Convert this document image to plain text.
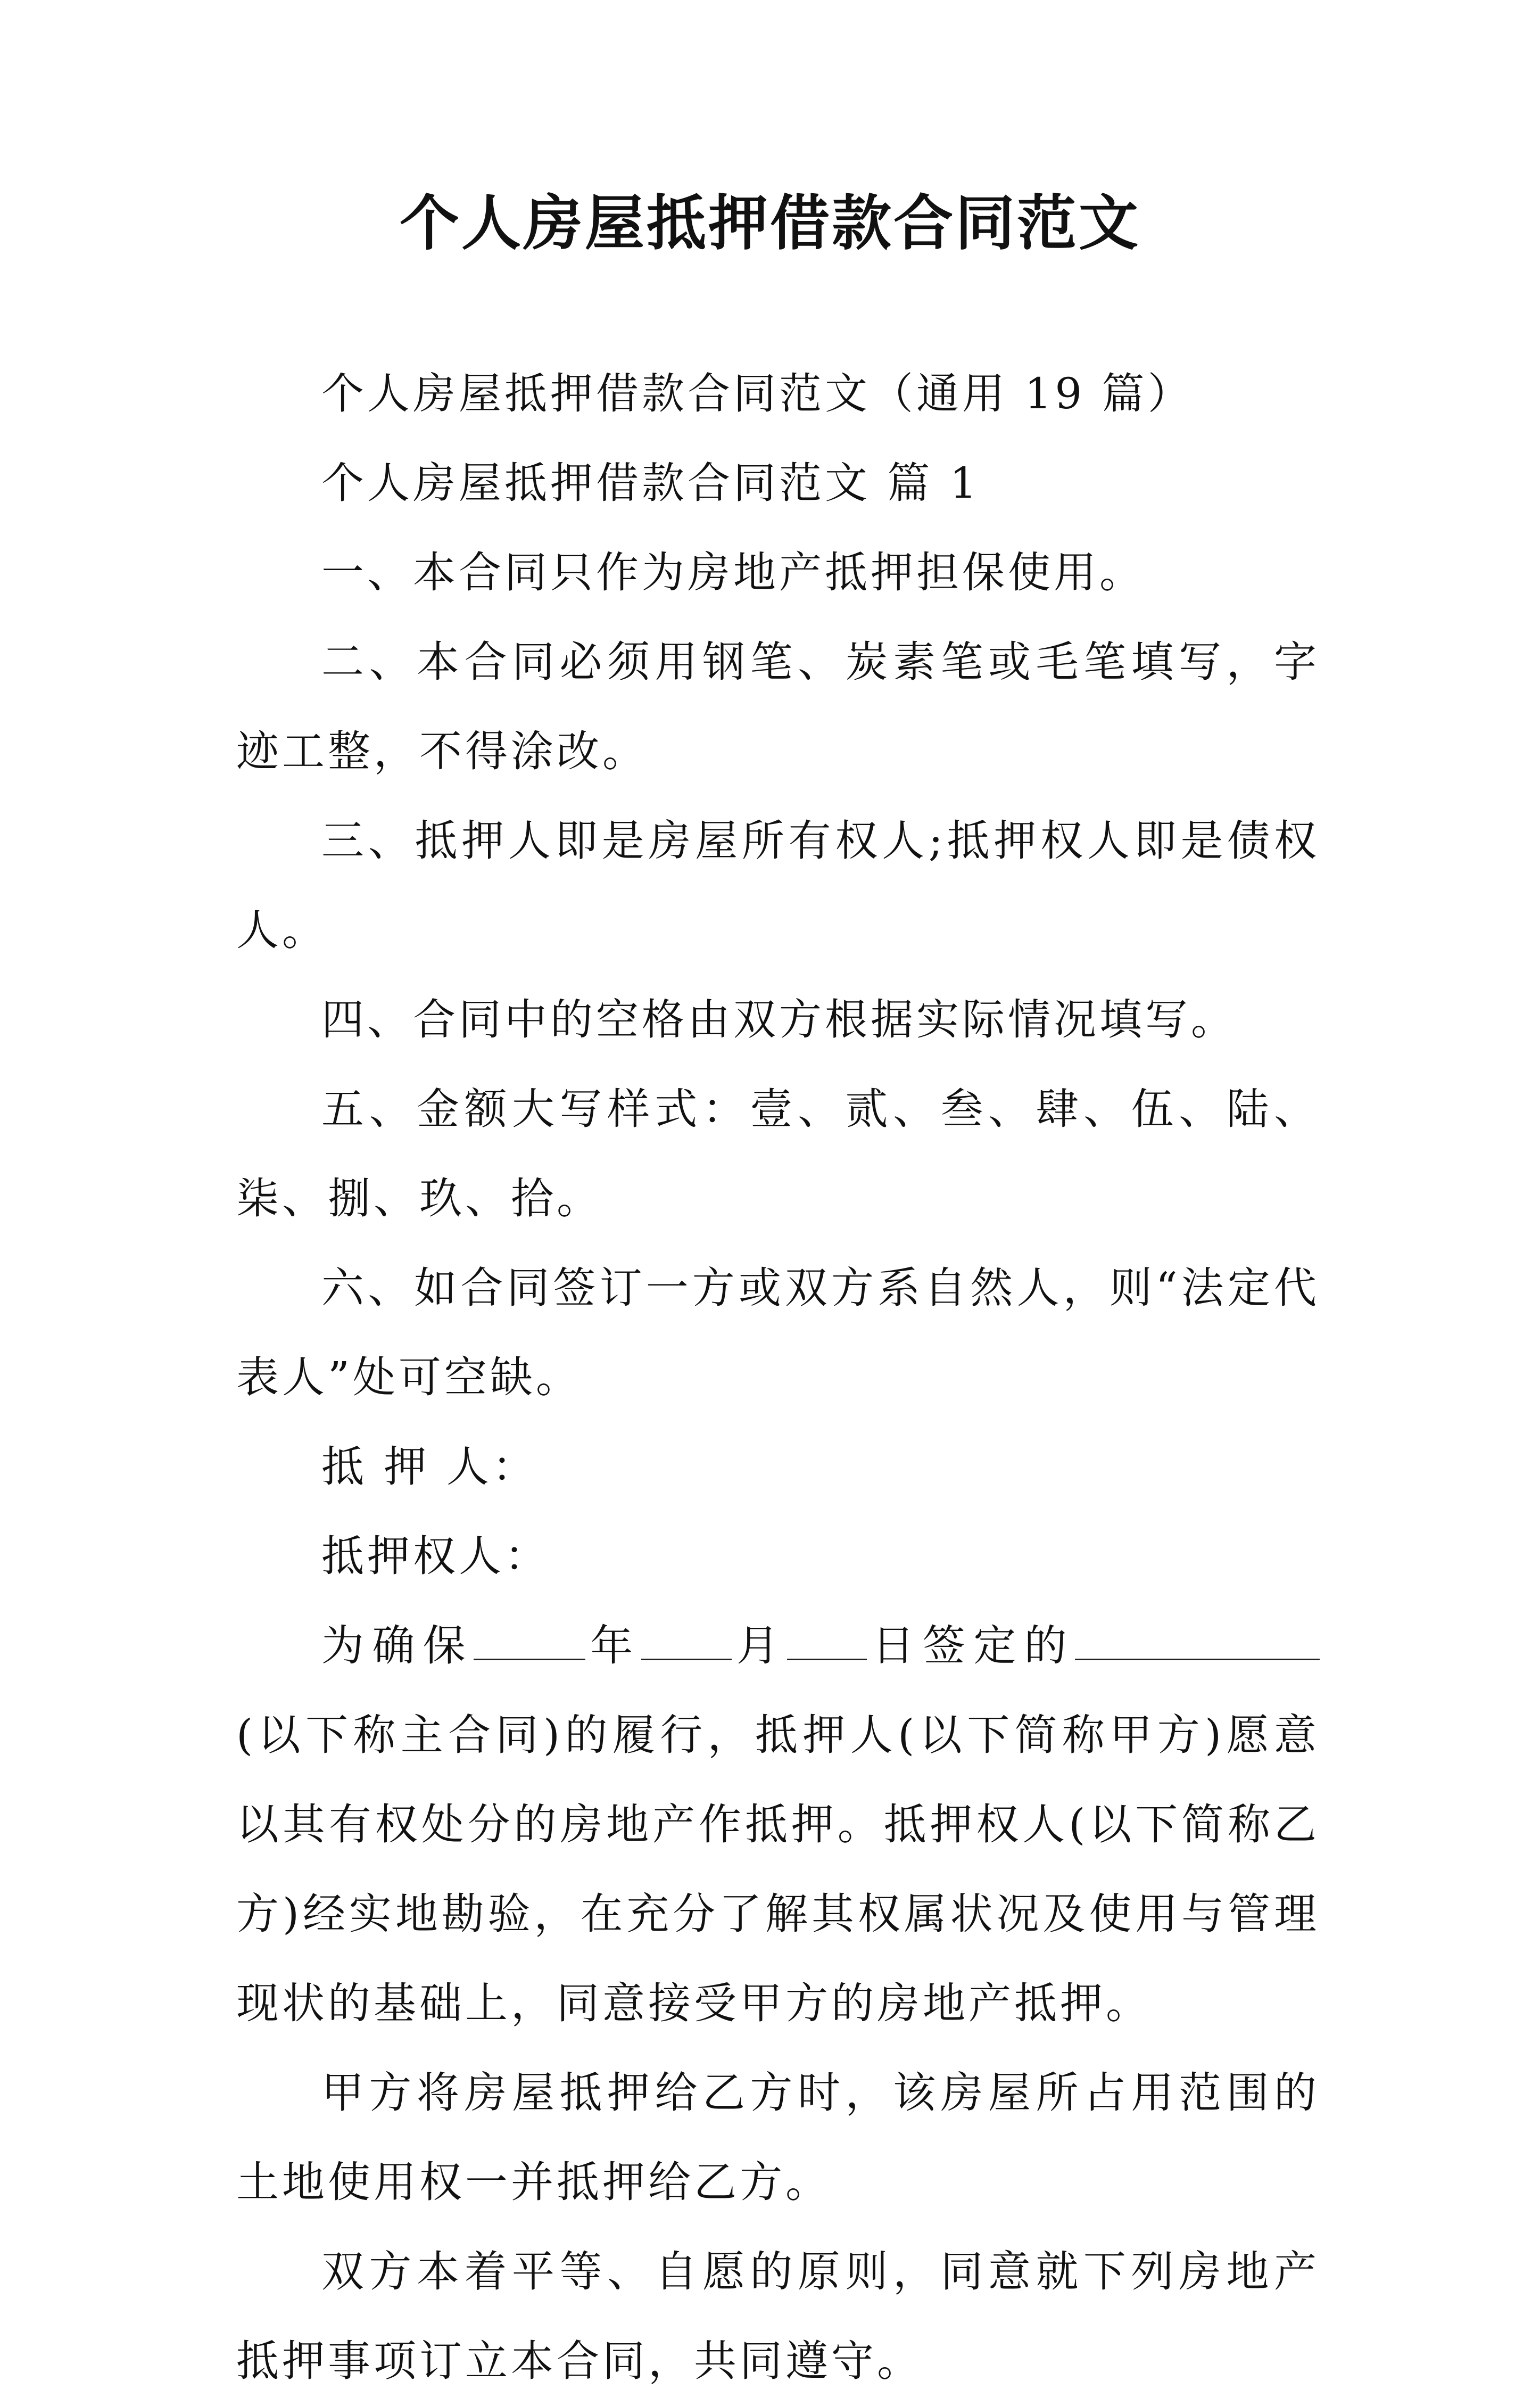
个人房屋抵押借款合同范文

个人房屋抵押借款合同范文（通用 19 篇）

个人房屋抵押借款合同范文 篇 1

一、本合同只作为房地产抵押担保使用。

二、本合同必须用钢笔、炭素笔或毛笔填写，字迹工整，不得涂改。

三、抵押人即是房屋所有权人;抵押权人即是债权人。

四、合同中的空格由双方根据实际情况填写。

五、金额大写样式：壹、贰、叁、肆、伍、陆、柒、捌、玖、拾。

六、如合同签订一方或双方系自然人，则“法定代表人”处可空缺。

抵 押 人：

抵押权人：

为确保	年 月 日签定的(以下称主合同)的履行，抵押人(以下简称甲方)愿意以其有权处分的房地产作抵押。抵押权人(以下简称乙方)经实地勘验，在充分了解其权属状况及使用与管理现状的基础上，同意接受甲方的房地产抵押。

甲方将房屋抵押给乙方时，该房屋所占用范围的土地使用权一并抵押给乙方。

双方本着平等、自愿的原则，同意就下列房地产抵押事项订立本合同，共同遵守。
